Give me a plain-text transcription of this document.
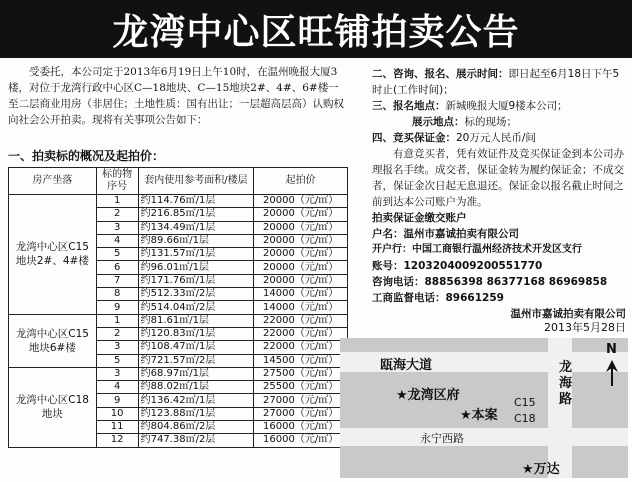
龙湾中心区旺铺拍卖公告
受委托，本公司定于2013年6月19日上午10时，在温州晚报大厦3楼，对位于龙湾行政中心区C—18地块、C—15地块2#、4#、6#楼一至二层商业用房（非居住；土地性质：国有出让；一层超高层高）认购权向社会公开拍卖。现将有关事项公告如下：
一、拍卖标的概况及起拍价：
房产坐落	标的物序号	套内使用参考面积/楼层	起拍价
龙湾中心区C15地块2#、4#楼	1	约114.76㎡/1层	20000（元/㎡）
	2	约216.85㎡/1层	20000（元/㎡）
	3	约134.49㎡/1层	20000（元/㎡）
	4	约89.66㎡/1层	20000（元/㎡）
	5	约131.57㎡/1层	20000（元/㎡）
	6	约96.01㎡/1层	20000（元/㎡）
	7	约171.76㎡/1层	20000（元/㎡）
	8	约512.33㎡/2层	14000（元/㎡）
	9	约514.04㎡/2层	14000（元/㎡）
龙湾中心区C15地块6#楼	1	约81.61㎡/1层	22000（元/㎡）
	2	约120.83㎡/1层	22000（元/㎡）
	3	约108.47㎡/1层	22000（元/㎡）
	5	约721.57㎡/2层	14500（元/㎡）
龙湾中心区C18地块	3	约68.97㎡/1层	27500（元/㎡）
	4	约88.02㎡/1层	25500（元/㎡）
	9	约136.42㎡/1层	27000（元/㎡）
	10	约123.88㎡/1层	27000（元/㎡）
	11	约804.86㎡/2层	16000（元/㎡）
	12	约747.38㎡/2层	16000（元/㎡）
二、咨询、报名、展示时间：即日起至6月18日下午5时止(工作时间)；
三、报名地点：新城晚报大厦9楼本公司；
展示地点：标的现场；
四、竞买保证金：20万元人民币/间
有意竞买者，凭有效证件及竞买保证金到本公司办理报名手续。成交者，保证金转为履约保证金；不成交者，保证金次日起无息退还。保证金以报名截止时间之前到达本公司账户为准。
拍卖保证金缴交账户
户名：温州市嘉诚拍卖有限公司
开户行：中国工商银行温州经济技术开发区支行
账号：1203204009200551770
咨询电话：88856398 86377168 86969858
工商监督电话：89661259
温州市嘉诚拍卖有限公司
2013年5月28日
瓯海大道	龙海路
永宁西路
★龙湾区府
★本案
C15
C18
★万达
N
